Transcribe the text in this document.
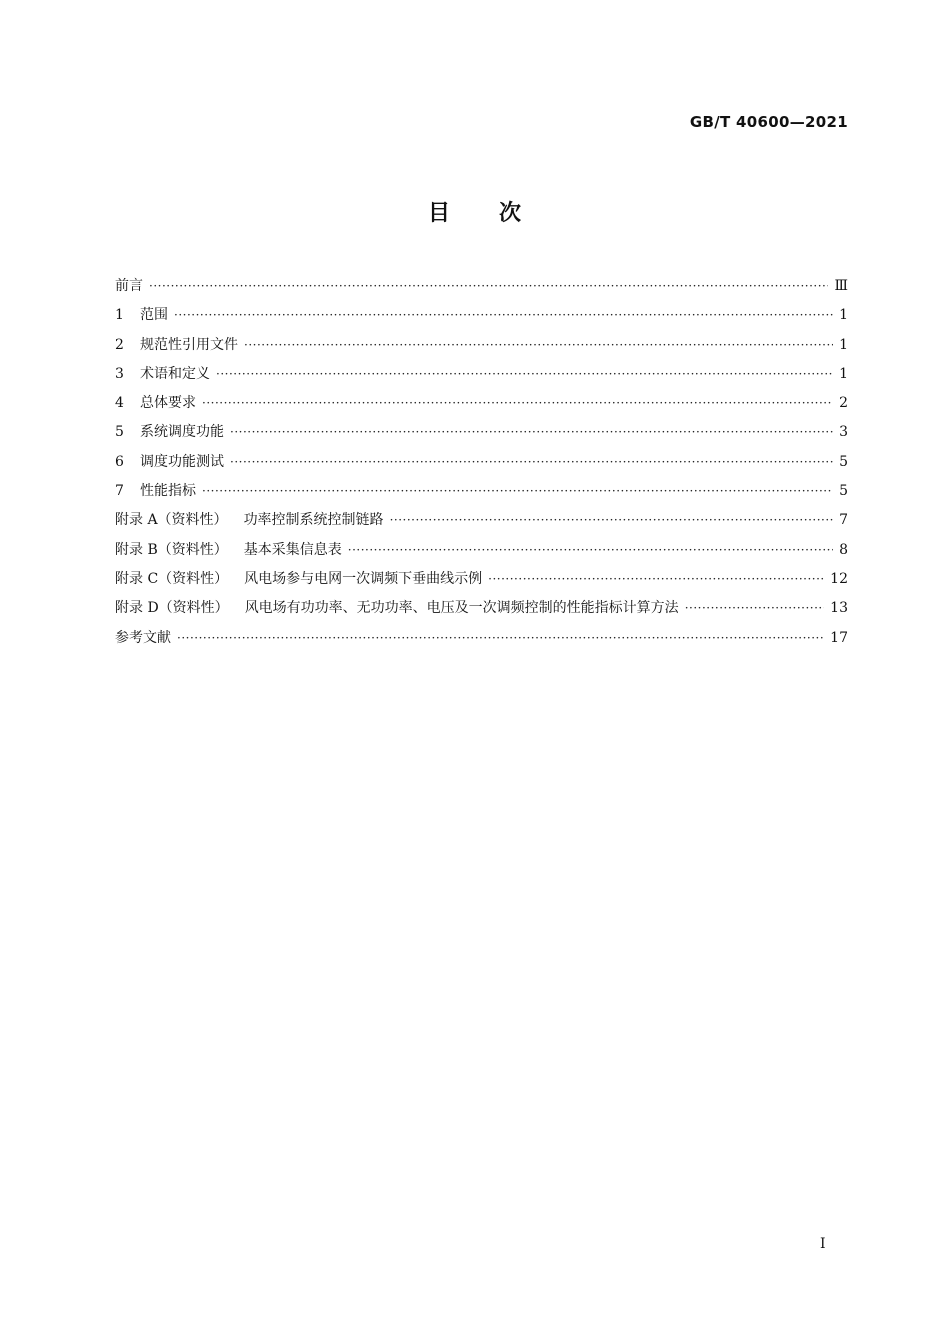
GB/T 40600—2021
目 次
前言 ·····	Ⅲ
1	范围 ·····	1
2	规范性引用文件 ·····	1
3	术语和定义 ·····	1
4	总体要求 ·····	2
5	系统调度功能 ·····	3
6	调度功能测试 ·····	5
7	性能指标 ·····	5
附录 A（资料性） 功率控制系统控制链路 ·····	7
附录 B（资料性） 基本采集信息表 ·····	8
附录 C（资料性） 风电场参与电网一次调频下垂曲线示例 ·····	12
附录 D（资料性） 风电场有功功率、无功功率、电压及一次调频控制的性能指标计算方法 ·····	13
参考文献 ·····	17
I
